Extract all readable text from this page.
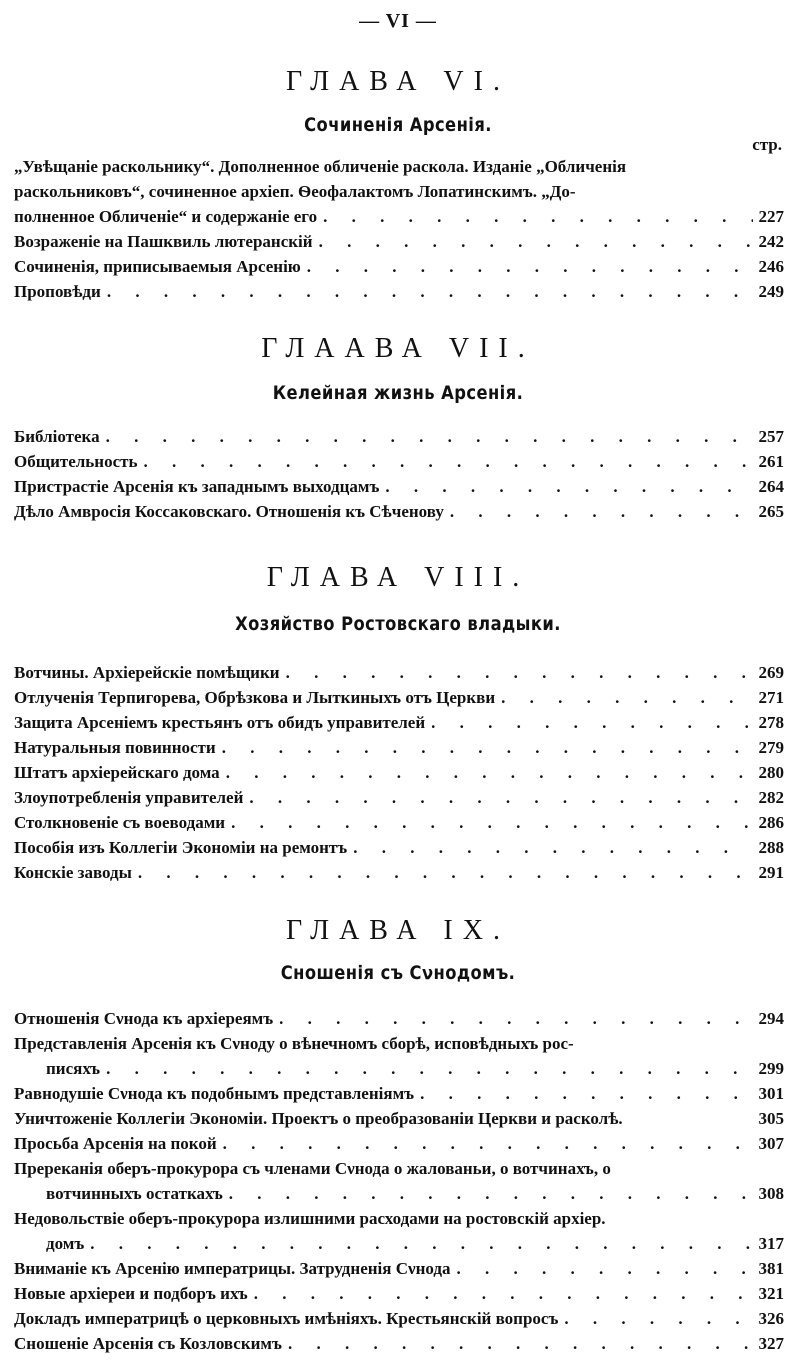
— VI —
ГЛАВА VI.
Сочиненія Арсенія.
стр.
„Увѣщаніе раскольнику“. Дополненное обличеніе раскола. Изданіе „Обличенія
раскольниковъ“, сочиненное архіеп. Ѳеофалактомъ Лопатинскимъ. „До-
полненное Обличеніе“ и содержаніе его . . .	227
Возраженіе на Пашквиль лютеранскій . . .	242
Сочиненія, приписываемыя Арсенію . . .	246
Проповѣди . . .	249
ГЛААВА VII.
Келейная жизнь Арсенія.
Библіотека . . .	257
Общительность . . .	261
Пристрастіе Арсенія къ западнымъ выходцамъ . . .	264
Дѣло Амвросія Коссаковскаго. Отношенія къ Сѣченову . . .	265
ГЛАВА VIII.
Хозяйство Ростовскаго владыки.
Вотчины. Архіерейскіе помѣщики . . .	269
Отлученія Терпигорева, Обрѣзкова и Лыткиныхъ отъ Церкви . . .	271
Защита Арсеніемъ крестьянъ отъ обидъ управителей . . .	278
Натуральныя повинности . . .	279
Штатъ архіерейскаго дома . . .	280
Злоупотребленія управителей . . .	282
Столкновеніе съ воеводами . . .	286
Пособія изъ Коллегіи Экономіи на ремонтъ . . .	288
Конскіе заводы . . .	291
ГЛАВА IX.
Сношенія съ Сνнодомъ.
Отношенія Сνнода къ архіереямъ . . .	294
Представленія Арсенія къ Сνноду о вѣнечномъ сборѣ, исповѣдныхъ рос-
писяхъ . . .	299
Равнодушіе Сνнода къ подобнымъ представленіямъ . . .	301
Уничтоженіе Коллегіи Экономіи. Проектъ о преобразованіи Церкви и расколѣ.	305
Просьба Арсенія на покой . . .	307
Пререканія оберъ-прокурора съ членами Сνнода о жалованьи, о вотчинахъ, о
вотчинныхъ остаткахъ . . .	308
Недовольствіе оберъ-прокурора излишними расходами на ростовскій архіер.
домъ . . .	317
Вниманіе къ Арсенію императрицы. Затрудненія Сνнода . . .	381
Новые архіереи и подборъ ихъ . . .	321
Докладъ императрицѣ о церковныхъ имѣніяхъ. Крестьянскій вопросъ . . .	326
Сношеніе Арсенія съ Козловскимъ . . .	327
